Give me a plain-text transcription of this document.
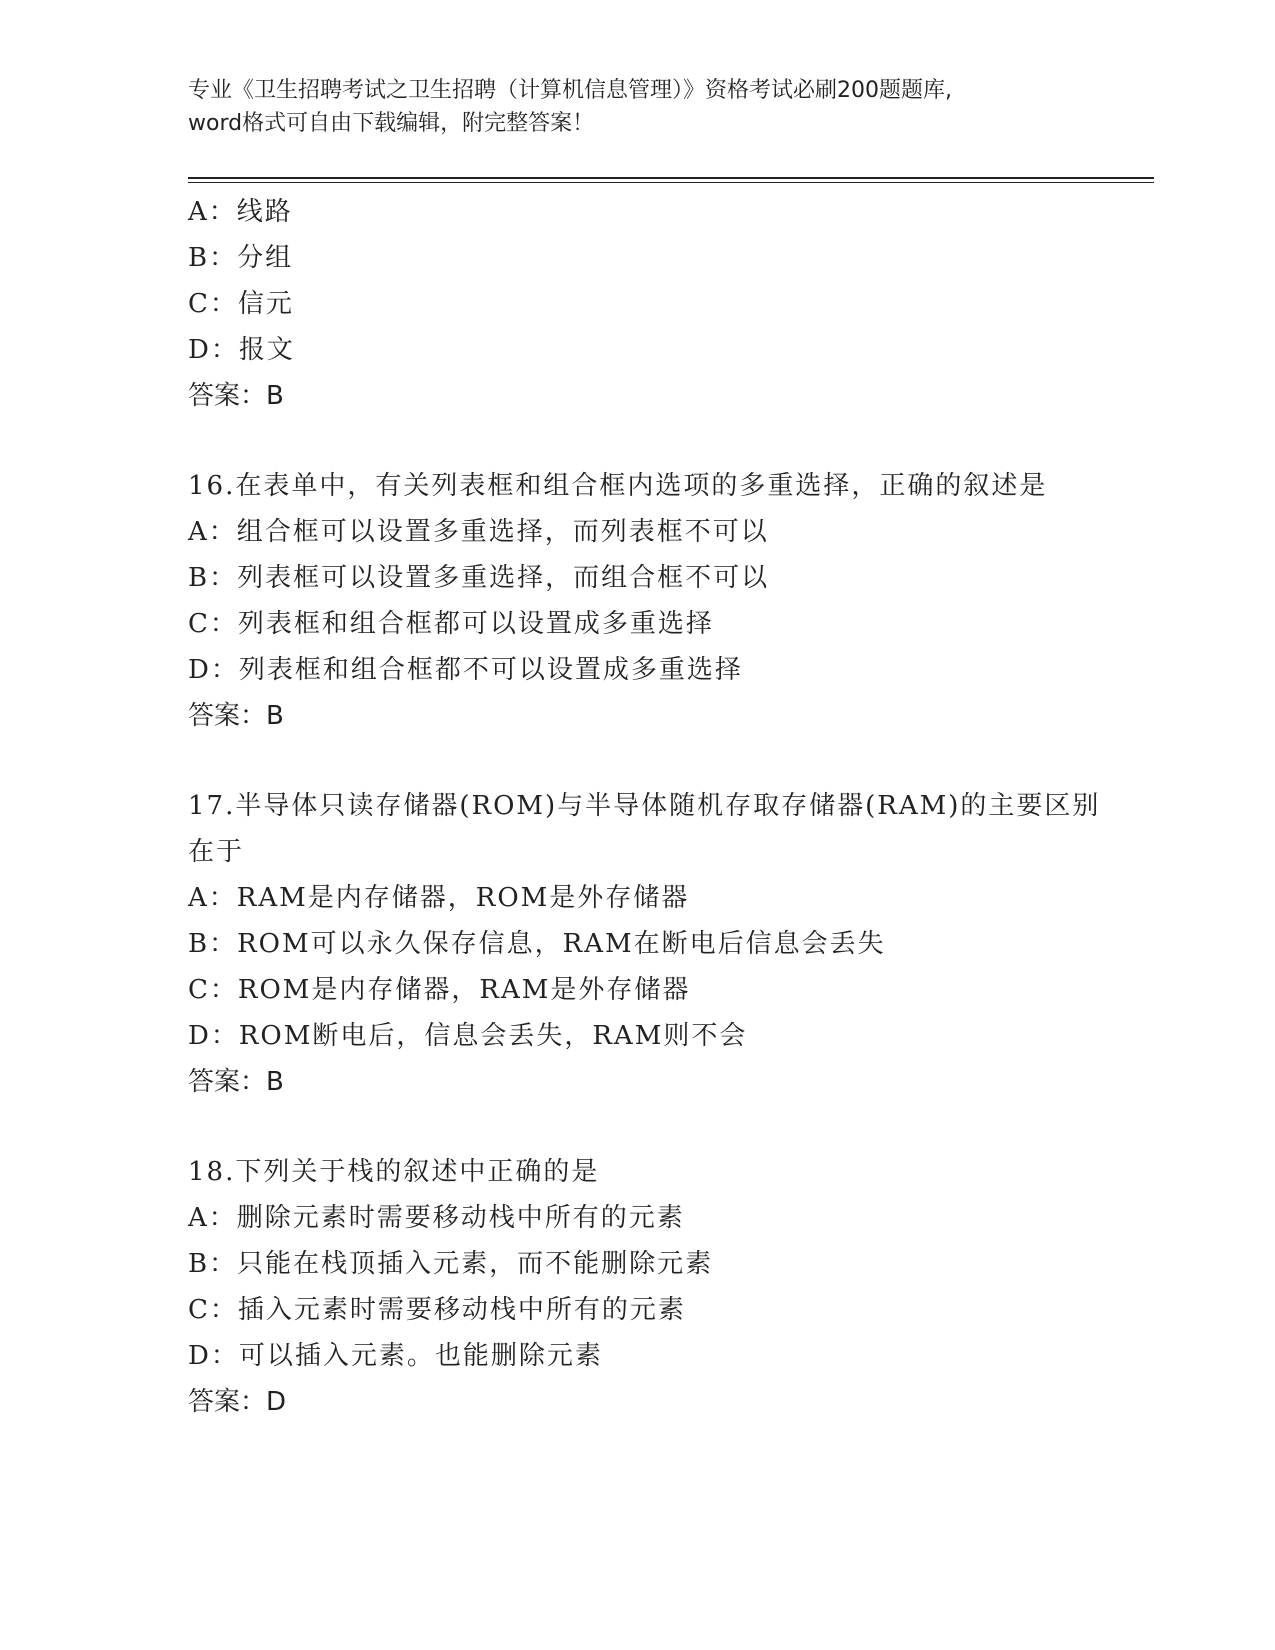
专业《卫生招聘考试之卫生招聘（计算机信息管理）》资格考试必刷200题题库,
word格式可自由下载编辑，附完整答案！
A：线路
B：分组
C：信元
D：报文
答案：B
16.在表单中，有关列表框和组合框内选项的多重选择，正确的叙述是
A：组合框可以设置多重选择，而列表框不可以
B：列表框可以设置多重选择，而组合框不可以
C：列表框和组合框都可以设置成多重选择
D：列表框和组合框都不可以设置成多重选择
答案：B
17.半导体只读存储器(ROM)与半导体随机存取存储器(RAM)的主要区别
在于
A：RAM是内存储器，ROM是外存储器
B：ROM可以永久保存信息，RAM在断电后信息会丢失
C：ROM是内存储器，RAM是外存储器
D：ROM断电后，信息会丢失，RAM则不会
答案：B
18.下列关于栈的叙述中正确的是
A：删除元素时需要移动栈中所有的元素
B：只能在栈顶插入元素，而不能删除元素
C：插入元素时需要移动栈中所有的元素
D：可以插入元素。也能删除元素
答案：D
